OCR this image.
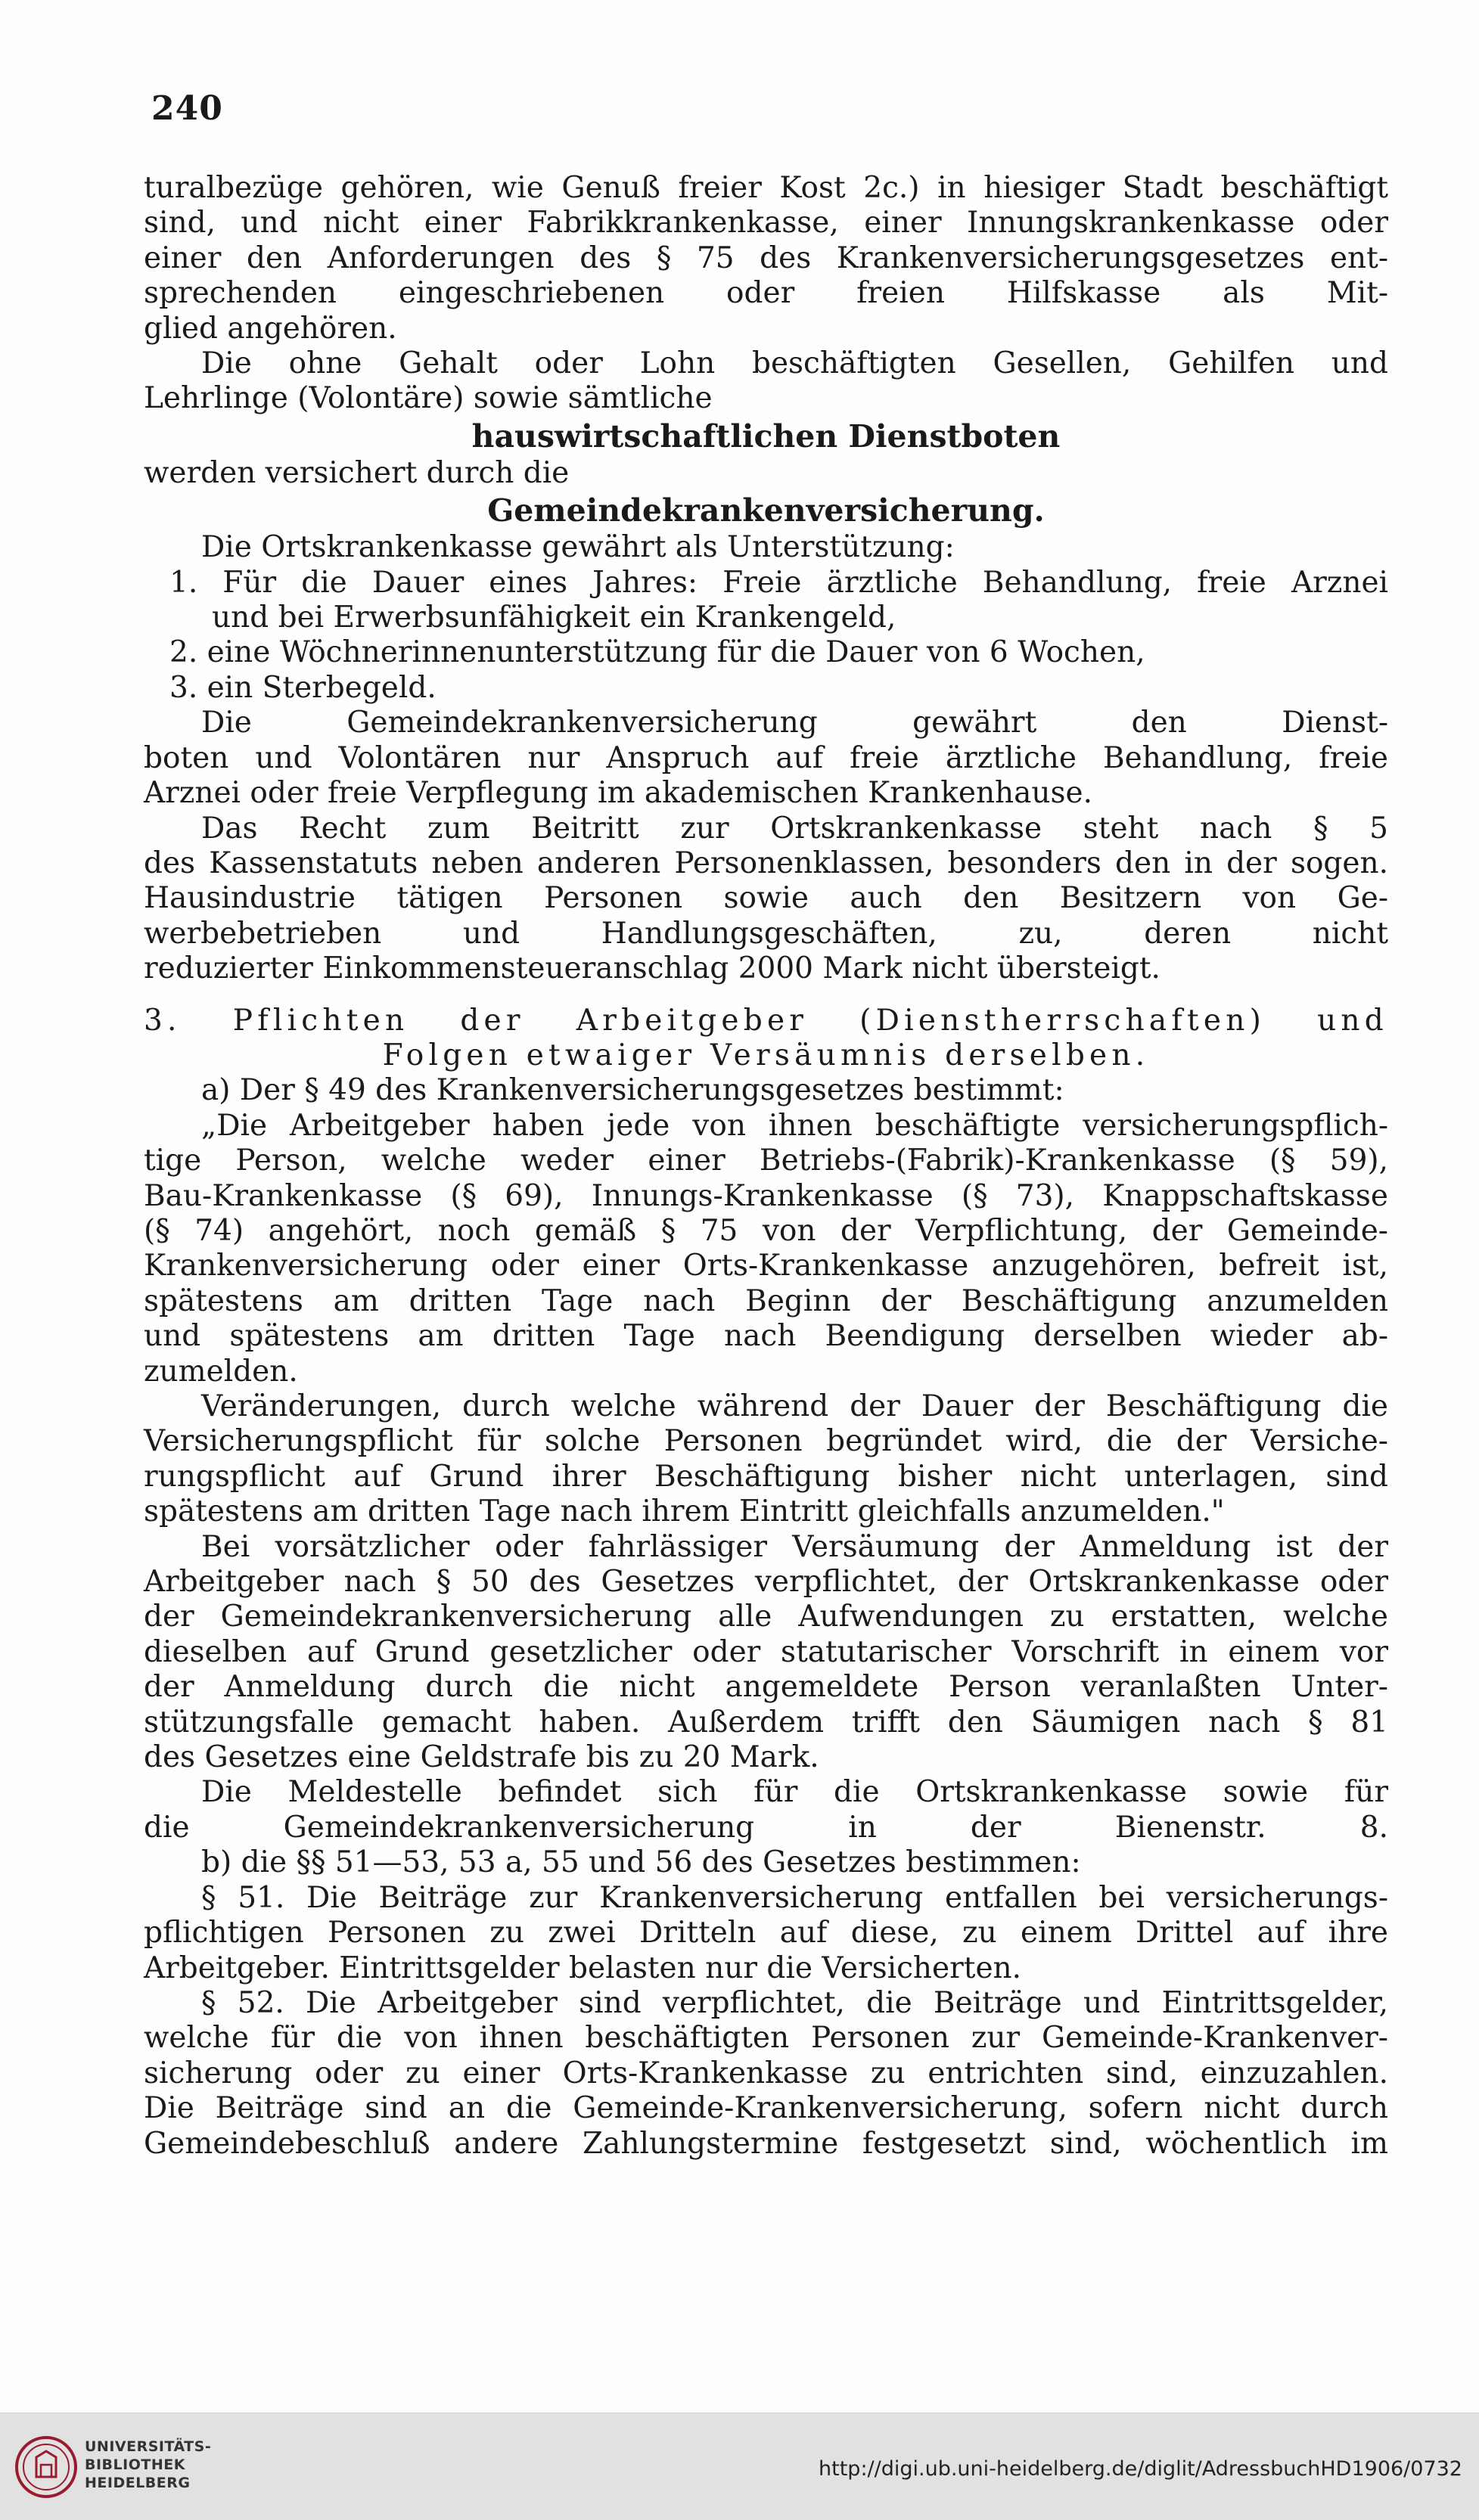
240
turalbezüge gehören, wie Genuß freier Kost 2c.) in hiesiger Stadt beschäftigt
sind, und nicht einer Fabrikkrankenkasse, einer Innungskrankenkasse oder
einer den Anforderungen des § 75 des Krankenversicherungsgesetzes ent-
sprechenden eingeschriebenen oder freien Hilfskasse als Mit-
glied angehören.
Die ohne Gehalt oder Lohn beschäftigten Gesellen, Gehilfen und
Lehrlinge (Volontäre) sowie sämtliche
hauswirtschaftlichen Dienstboten
werden versichert durch die
Gemeindekrankenversicherung.
Die Ortskrankenkasse gewährt als Unterstützung:
1. Für die Dauer eines Jahres: Freie ärztliche Behandlung, freie Arznei
und bei Erwerbsunfähigkeit ein Krankengeld,
2. eine Wöchnerinnenunterstützung für die Dauer von 6 Wochen,
3. ein Sterbegeld.
Die Gemeindekrankenversicherung gewährt den Dienst-
boten und Volontären nur Anspruch auf freie ärztliche Behandlung, freie
Arznei oder freie Verpflegung im akademischen Krankenhause.
Das Recht zum Beitritt zur Ortskrankenkasse steht nach § 5
des Kassenstatuts neben anderen Personenklassen, besonders den in der sogen.
Hausindustrie tätigen Personen sowie auch den Besitzern von Ge-
werbebetrieben und Handlungsgeschäften, zu, deren nicht
reduzierter Einkommensteueranschlag 2000 Mark nicht übersteigt.
3. Pflichten der Arbeitgeber (Dienstherrschaften) und
Folgen etwaiger Versäumnis derselben.
a) Der § 49 des Krankenversicherungsgesetzes bestimmt:
„Die Arbeitgeber haben jede von ihnen beschäftigte versicherungspflich-
tige Person, welche weder einer Betriebs-(Fabrik)-Krankenkasse (§ 59),
Bau-Krankenkasse (§ 69), Innungs-Krankenkasse (§ 73), Knappschaftskasse
(§ 74) angehört, noch gemäß § 75 von der Verpflichtung, der Gemeinde-
Krankenversicherung oder einer Orts-Krankenkasse anzugehören, befreit ist,
spätestens am dritten Tage nach Beginn der Beschäftigung anzumelden
und spätestens am dritten Tage nach Beendigung derselben wieder ab-
zumelden.
Veränderungen, durch welche während der Dauer der Beschäftigung die
Versicherungspflicht für solche Personen begründet wird, die der Versiche-
rungspflicht auf Grund ihrer Beschäftigung bisher nicht unterlagen, sind
spätestens am dritten Tage nach ihrem Eintritt gleichfalls anzumelden."
Bei vorsätzlicher oder fahrlässiger Versäumung der Anmeldung ist der
Arbeitgeber nach § 50 des Gesetzes verpflichtet, der Ortskrankenkasse oder
der Gemeindekrankenversicherung alle Aufwendungen zu erstatten, welche
dieselben auf Grund gesetzlicher oder statutarischer Vorschrift in einem vor
der Anmeldung durch die nicht angemeldete Person veranlaßten Unter-
stützungsfalle gemacht haben. Außerdem trifft den Säumigen nach § 81
des Gesetzes eine Geldstrafe bis zu 20 Mark.
Die Meldestelle befindet sich für die Ortskrankenkasse sowie für
die Gemeindekrankenversicherung in der Bienenstr. 8.
b) die §§ 51—53, 53 a, 55 und 56 des Gesetzes bestimmen:
§ 51. Die Beiträge zur Krankenversicherung entfallen bei versicherungs-
pflichtigen Personen zu zwei Dritteln auf diese, zu einem Drittel auf ihre
Arbeitgeber. Eintrittsgelder belasten nur die Versicherten.
§ 52. Die Arbeitgeber sind verpflichtet, die Beiträge und Eintrittsgelder,
welche für die von ihnen beschäftigten Personen zur Gemeinde-Krankenver-
sicherung oder zu einer Orts-Krankenkasse zu entrichten sind, einzuzahlen.
Die Beiträge sind an die Gemeinde-Krankenversicherung, sofern nicht durch
Gemeindebeschluß andere Zahlungstermine festgesetzt sind, wöchentlich im
UNIVERSITÄTS-
BIBLIOTHEK
HEIDELBERG
http://digi.ub.uni-heidelberg.de/diglit/AdressbuchHD1906/0732
